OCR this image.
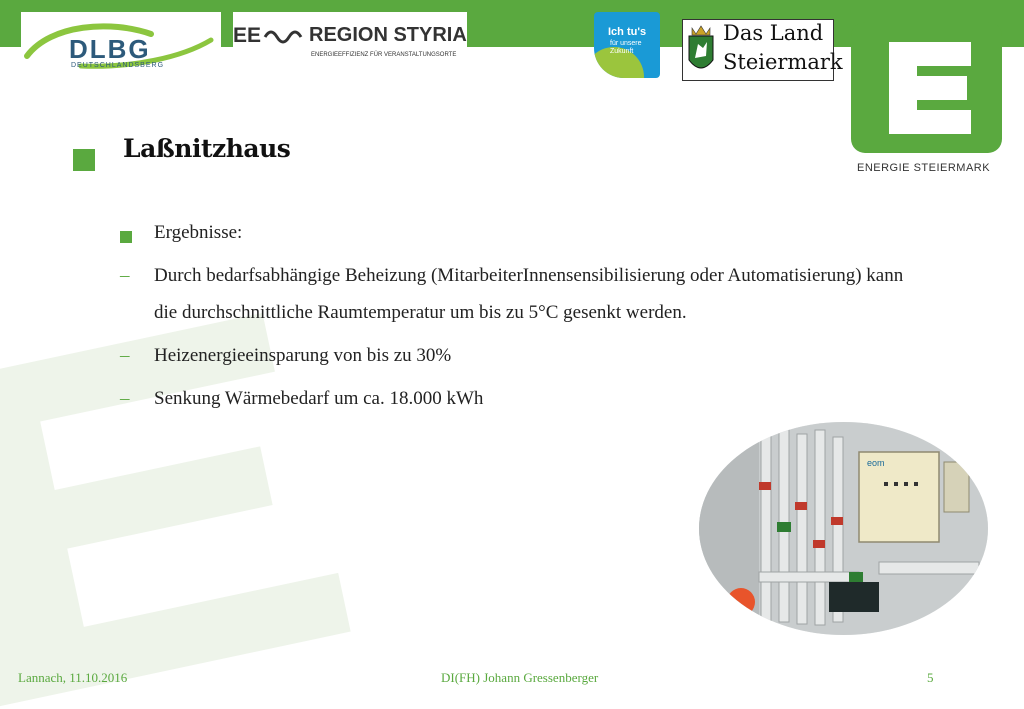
DLBG
DEUTSCHLANDSBERG
EE REGION STYRIA
ENERGIEEFFIZIENZ FÜR VERANSTALTUNGSORTE
Ich tu's
für unsere
Zukunft
Das Land
Steiermark
ENERGIE STEIERMARK
Laßnitzhaus
Ergebnisse:
– Durch bedarfsabhängige Beheizung (MitarbeiterInnensensibilisierung oder Automatisierung) kann die durchschnittliche Raumtemperatur um bis zu 5°C gesenkt werden.
– Heizenergieeinsparung von bis zu 30%
– Senkung Wärmebedarf um ca. 18.000 kWh
eom
Lannach, 11.10.2016	DI(FH) Johann Gressenberger	5
